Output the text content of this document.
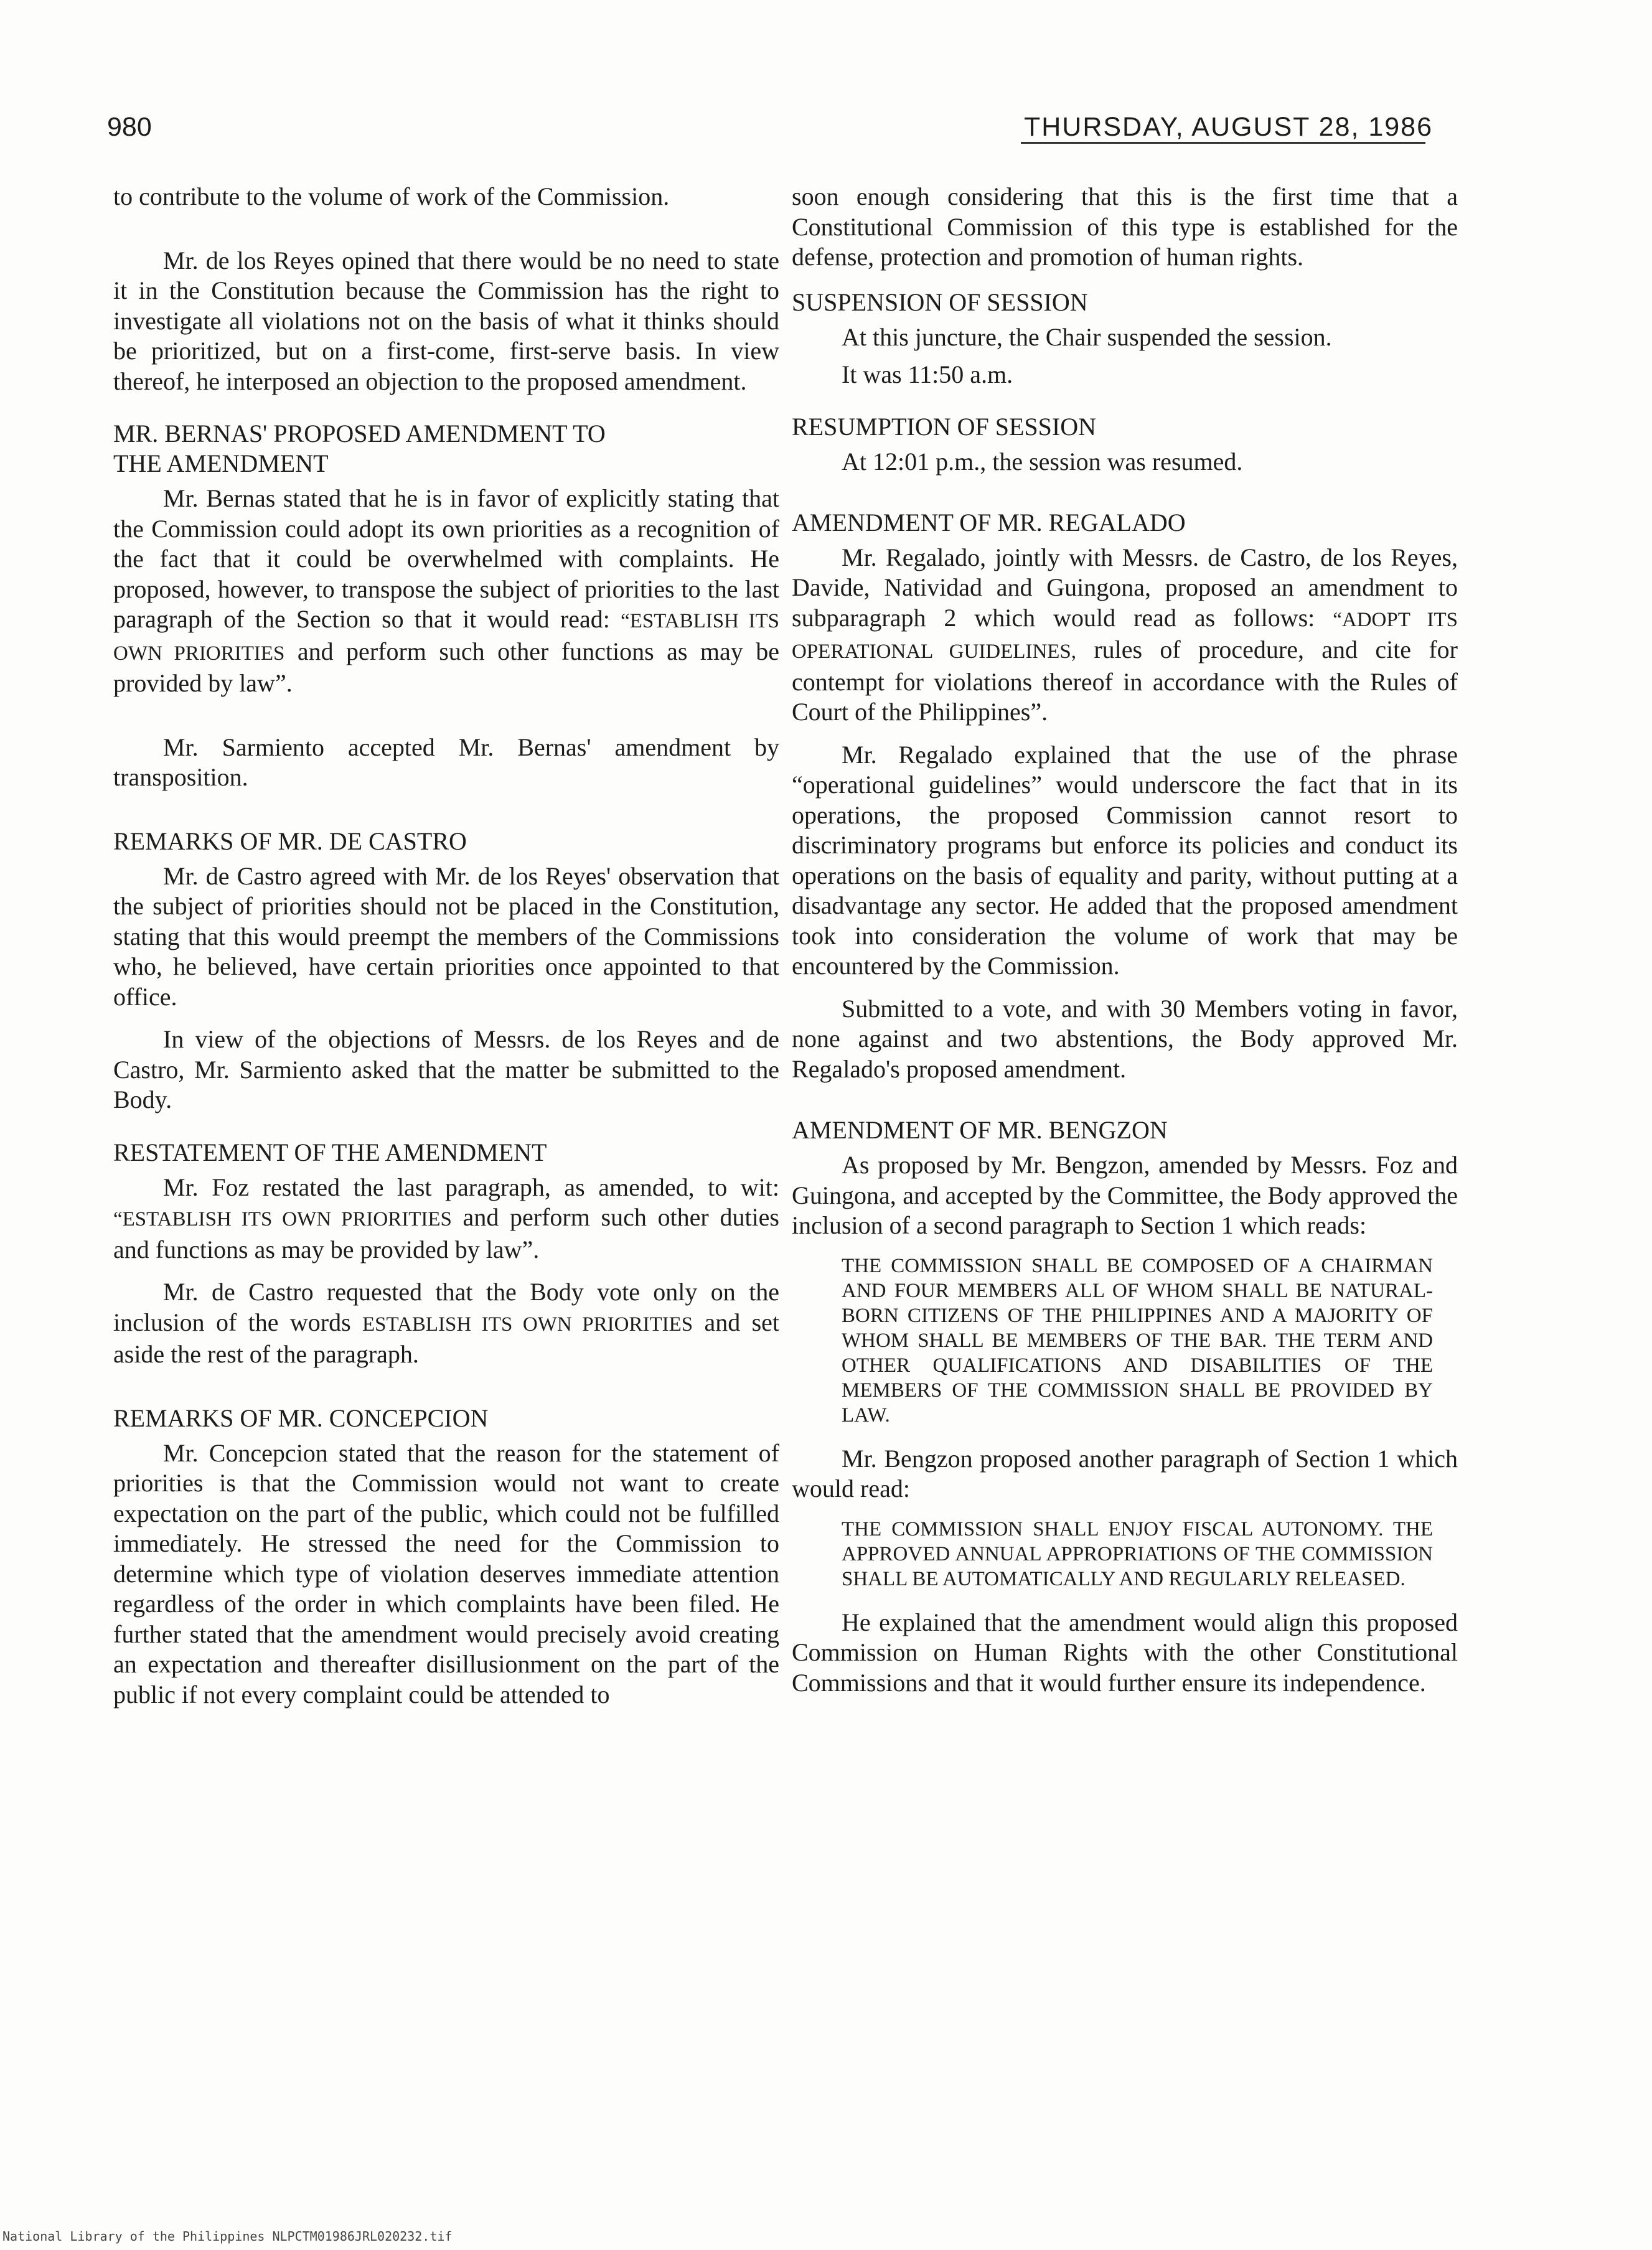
980	THURSDAY, AUGUST 28, 1986

to contribute to the volume of work of the Commission.

Mr. de los Reyes opined that there would be no need to state it in the Constitution because the Commission has the right to investigate all violations not on the basis of what it thinks should be prioritized, but on a first-come, first-serve basis. In view thereof, he interposed an objection to the proposed amendment.

MR. BERNAS' PROPOSED AMENDMENT TO THE AMENDMENT

Mr. Bernas stated that he is in favor of explicitly stating that the Commission could adopt its own priorities as a recognition of the fact that it could be overwhelmed with complaints. He proposed, however, to transpose the subject of priorities to the last paragraph of the Section so that it would read: “ESTABLISH ITS OWN PRIORITIES and perform such other functions as may be provided by law”.

Mr. Sarmiento accepted Mr. Bernas' amendment by transposition.

REMARKS OF MR. DE CASTRO

Mr. de Castro agreed with Mr. de los Reyes' observation that the subject of priorities should not be placed in the Constitution, stating that this would preempt the members of the Commissions who, he believed, have certain priorities once appointed to that office.

In view of the objections of Messrs. de los Reyes and de Castro, Mr. Sarmiento asked that the matter be submitted to the Body.

RESTATEMENT OF THE AMENDMENT

Mr. Foz restated the last paragraph, as amended, to wit: “ESTABLISH ITS OWN PRIORITIES and perform such other duties and functions as may be provided by law”.

Mr. de Castro requested that the Body vote only on the inclusion of the words ESTABLISH ITS OWN PRIORITIES and set aside the rest of the paragraph.

REMARKS OF MR. CONCEPCION

Mr. Concepcion stated that the reason for the statement of priorities is that the Commission would not want to create expectation on the part of the public, which could not be fulfilled immediately. He stressed the need for the Commission to determine which type of violation deserves immediate attention regardless of the order in which complaints have been filed. He further stated that the amendment would precisely avoid creating an expectation and thereafter disillusionment on the part of the public if not every complaint could be attended to

soon enough considering that this is the first time that a Constitutional Commission of this type is established for the defense, protection and promotion of human rights.

SUSPENSION OF SESSION

At this juncture, the Chair suspended the session.

It was 11:50 a.m.

RESUMPTION OF SESSION

At 12:01 p.m., the session was resumed.

AMENDMENT OF MR. REGALADO

Mr. Regalado, jointly with Messrs. de Castro, de los Reyes, Davide, Natividad and Guingona, proposed an amendment to subparagraph 2 which would read as follows: “ADOPT ITS OPERATIONAL GUIDELINES, rules of procedure, and cite for contempt for violations thereof in accordance with the Rules of Court of the Philippines”.

Mr. Regalado explained that the use of the phrase “operational guidelines” would underscore the fact that in its operations, the proposed Commission cannot resort to discriminatory programs but enforce its policies and conduct its operations on the basis of equality and parity, without putting at a disadvantage any sector. He added that the proposed amendment took into consideration the volume of work that may be encountered by the Commission.

Submitted to a vote, and with 30 Members voting in favor, none against and two abstentions, the Body approved Mr. Regalado's proposed amendment.

AMENDMENT OF MR. BENGZON

As proposed by Mr. Bengzon, amended by Messrs. Foz and Guingona, and accepted by the Committee, the Body approved the inclusion of a second paragraph to Section 1 which reads:

THE COMMISSION SHALL BE COMPOSED OF A CHAIRMAN AND FOUR MEMBERS ALL OF WHOM SHALL BE NATURAL-BORN CITIZENS OF THE PHILIPPINES AND A MAJORITY OF WHOM SHALL BE MEMBERS OF THE BAR. THE TERM AND OTHER QUALIFICATIONS AND DISABILITIES OF THE MEMBERS OF THE COMMISSION SHALL BE PROVIDED BY LAW.

Mr. Bengzon proposed another paragraph of Section 1 which would read:

THE COMMISSION SHALL ENJOY FISCAL AUTONOMY. THE APPROVED ANNUAL APPROPRIATIONS OF THE COMMISSION SHALL BE AUTOMATICALLY AND REGULARLY RELEASED.

He explained that the amendment would align this proposed Commission on Human Rights with the other Constitutional Commissions and that it would further ensure its independence.

National Library of the Philippines NLPCTM01986JRL020232.tif
